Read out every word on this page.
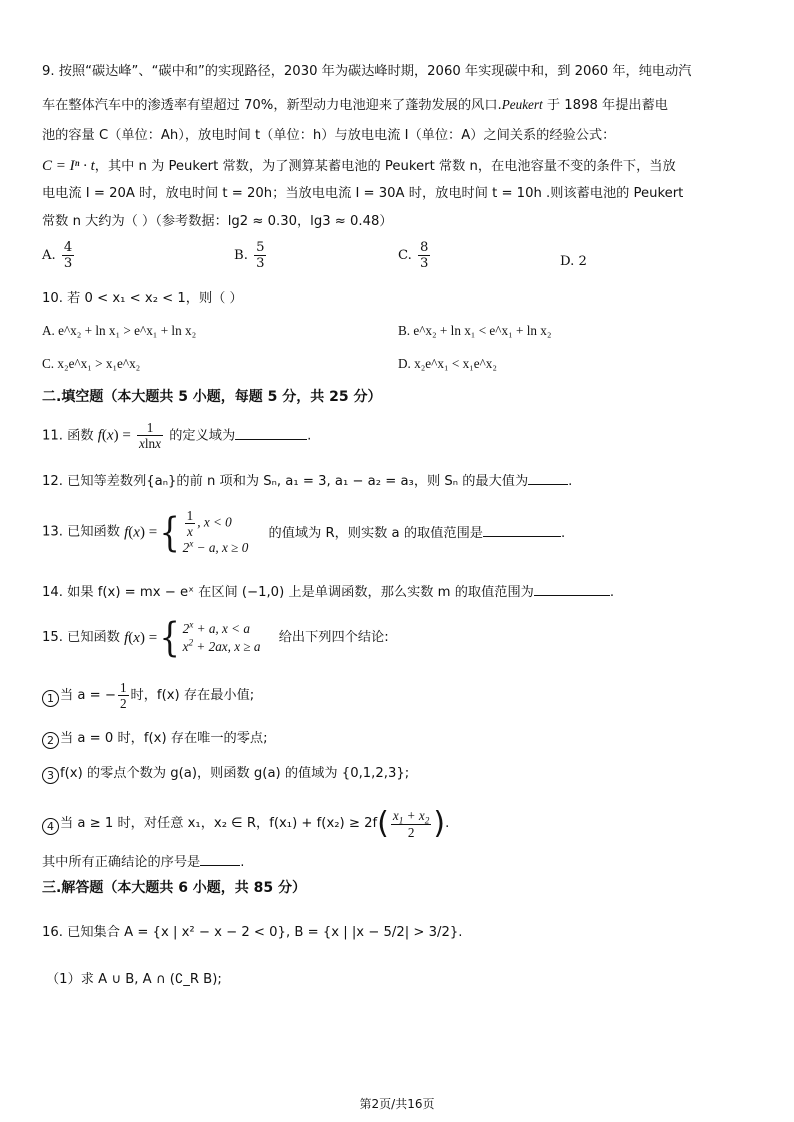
9. 按照“碳达峰”、“碳中和”的实现路径，2030 年为碳达峰时期，2060 年实现碳中和，到 2060 年，纯电动汽
车在整体汽车中的渗透率有望超过 70%，新型动力电池迎来了蓬勃发展的风口.Peukert 于 1898 年提出蓄电
池的容量 C（单位：Ah），放电时间 t（单位：h）与放电电流 I（单位：A）之间关系的经验公式：
C = Iⁿ · t，其中 n 为 Peukert 常数，为了测算某蓄电池的 Peukert 常数 n，在电池容量不变的条件下，当放
电电流 I = 20A 时，放电时间 t = 20h；当放电电流 I = 30A 时，放电时间 t = 10h .则该蓄电池的 Peukert
常数 n 大约为（ ）（参考数据：lg2 ≈ 0.30，lg3 ≈ 0.48）
A. $\frac{4}{3}$	B. $\frac{5}{3}$	C. $\frac{8}{3}$	D. 2
10. 若 0 < x₁ < x₂ < 1，则（ ）
A. e^x₂ + ln x₁ > e^x₁ + ln x₂	B. e^x₂ + ln x₁ < e^x₁ + ln x₂
C. x₂e^x₁ > x₁e^x₂	D. x₂e^x₁ < x₁e^x₂
二.填空题（本大题共 5 小题，每题 5 分，共 25 分）
11. 函数 $f(x) = \frac{1}{xlnx}$ 的定义域为	.
12. 已知等差数列{aₙ}的前 n 项和为 Sₙ, a₁ = 3, a₁ − a₂ = a₃，则 Sₙ 的最大值为	.
13. 已知函数 f(x) ={ $\frac{1}{x}$ , x < 0
$2^x - a$, x ≥ 0
的值域为 R，则实数 a 的取值范围是	.
14. 如果 f(x) = mx − eˣ 在区间 (−1,0) 上是单调函数，那么实数 m 的取值范围为	.
15. 已知函数 f(x) ={ $2^x + a$, x < a
$x^2 + 2ax$, x ≥ a
给出下列四个结论:
1 当 a = − $\frac{1}{2}$ 时，f(x) 存在最小值;
2 当 a = 0 时，f(x) 存在唯一的零点;
3 f(x) 的零点个数为 g(a)，则函数 g(a) 的值域为 {0,1,2,3};
4 当 a ≥ 1 时，对任意 x₁，x₂ ∈ R，$f(x_1) + f(x_2) \ge 2f( \frac{x_1 + x_2}{2}$ ).
其中所有正确结论的序号是	.
三.解答题（本大题共 6 小题，共 85 分）
16. 已知集合 A = {x | x² − x − 2 < 0}, B = {x | |x − 5/2| > 3/2}.
（1）求 A ∪ B, A ∩ (∁_R B);
第2页/共16页
